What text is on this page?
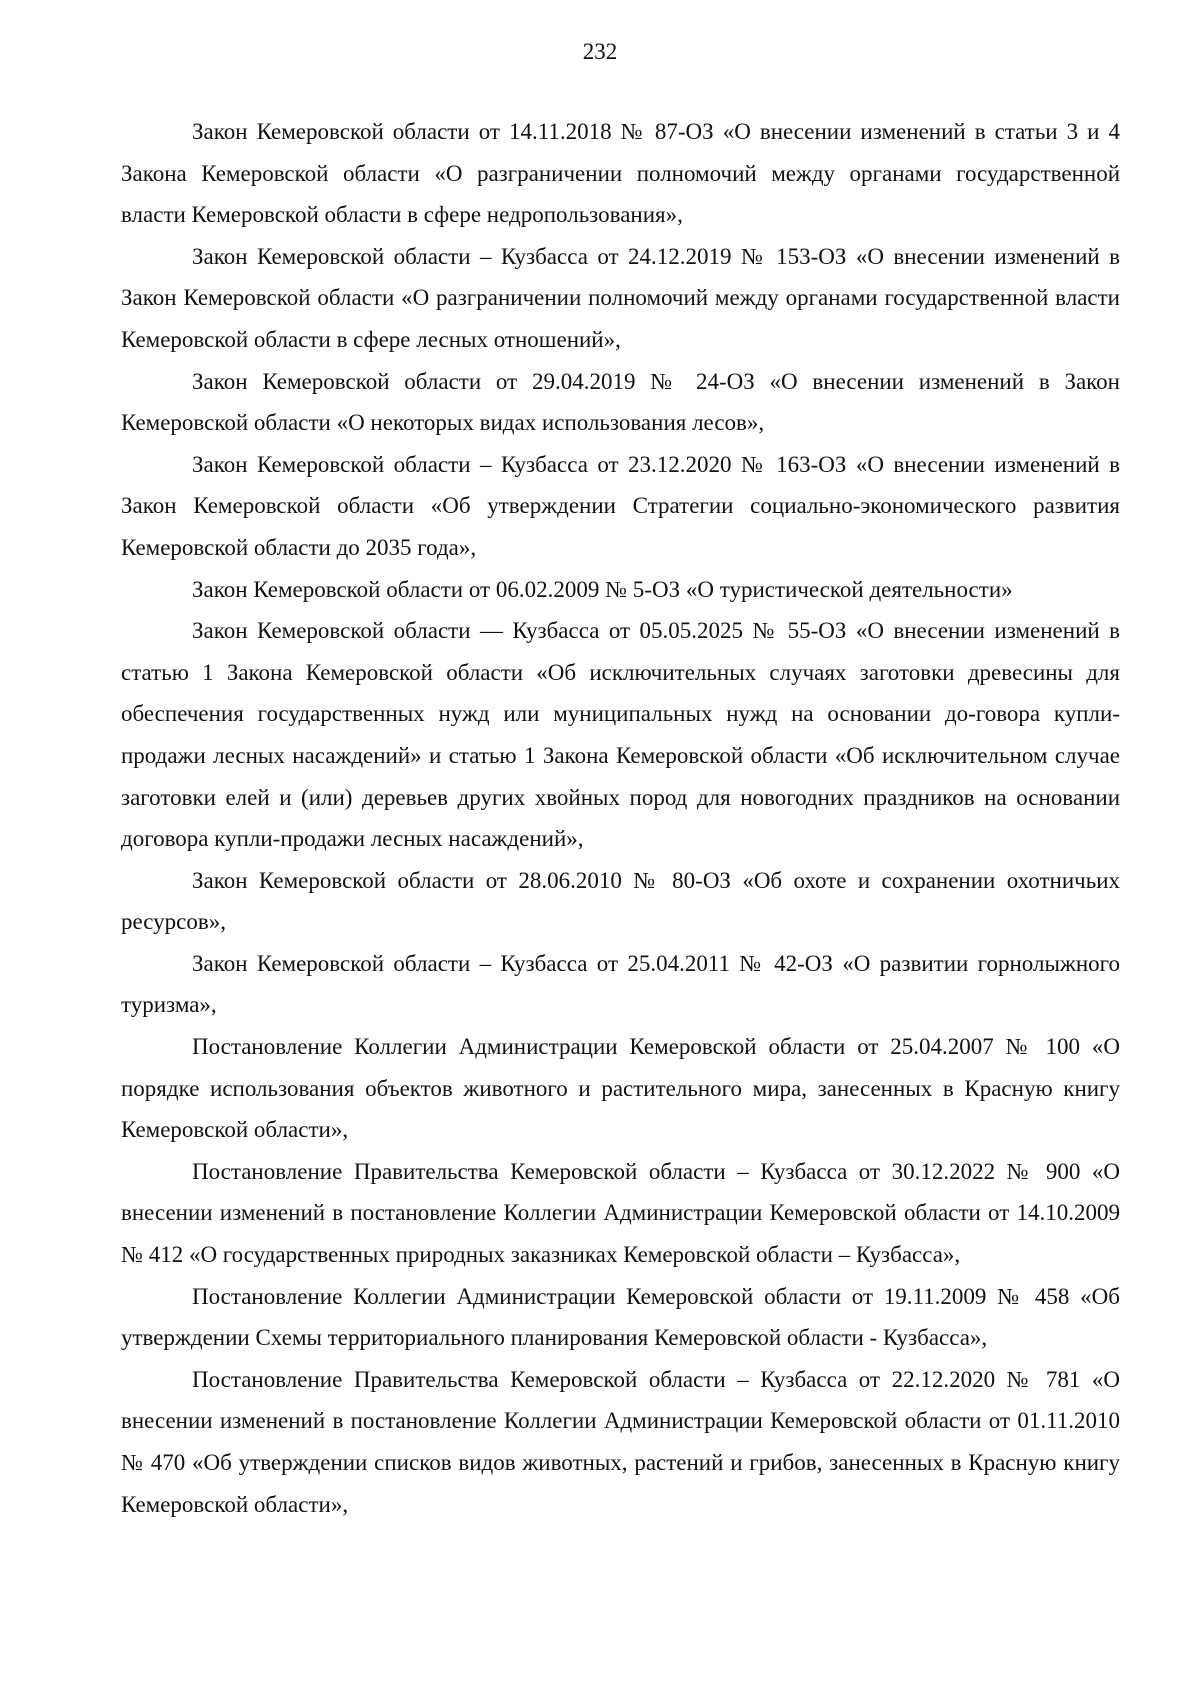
232

Закон Кемеровской области от 14.11.2018 № 87-ОЗ «О внесении изменений в статьи 3 и 4 Закона Кемеровской области «О разграничении полномочий между органами государственной власти Кемеровской области в сфере недропользования»,

Закон Кемеровской области – Кузбасса от 24.12.2019 № 153-ОЗ «О внесении изменений в Закон Кемеровской области «О разграничении полномочий между органами государственной власти Кемеровской области в сфере лесных отношений»,

Закон Кемеровской области от 29.04.2019 № 24-ОЗ «О внесении изменений в Закон Кемеровской области «О некоторых видах использования лесов»,

Закон Кемеровской области – Кузбасса от 23.12.2020 № 163-ОЗ «О внесении изменений в Закон Кемеровской области «Об утверждении Стратегии социально-экономического развития Кемеровской области до 2035 года»,

Закон Кемеровской области от 06.02.2009 № 5-ОЗ «О туристической деятельности»

Закон Кемеровской области — Кузбасса от 05.05.2025 № 55-ОЗ «О внесении изменений в статью 1 Закона Кемеровской области «Об исключительных случаях заготовки древесины для обеспечения государственных нужд или муниципальных нужд на основании до-говора купли-продажи лесных насаждений» и статью 1 Закона Кемеровской области «Об исключительном случае заготовки елей и (или) деревьев других хвойных пород для новогодних праздников на основании договора купли-продажи лесных насаждений»,

Закон Кемеровской области от 28.06.2010 № 80-ОЗ «Об охоте и сохранении охотничьих ресурсов»,

Закон Кемеровской области – Кузбасса от 25.04.2011 № 42-ОЗ «О развитии горнолыжного туризма»,

Постановление Коллегии Администрации Кемеровской области от 25.04.2007 № 100 «О порядке использования объектов животного и растительного мира, занесенных в Красную книгу Кемеровской области»,

Постановление Правительства Кемеровской области – Кузбасса от 30.12.2022 № 900 «О внесении изменений в постановление Коллегии Администрации Кемеровской области от 14.10.2009 № 412 «О государственных природных заказниках Кемеровской области – Кузбасса»,

Постановление Коллегии Администрации Кемеровской области от 19.11.2009 № 458 «Об утверждении Схемы территориального планирования Кемеровской области - Кузбасса»,

Постановление Правительства Кемеровской области – Кузбасса от 22.12.2020 № 781 «О внесении изменений в постановление Коллегии Администрации Кемеровской области от 01.11.2010 № 470 «Об утверждении списков видов животных, растений и грибов, занесенных в Красную книгу Кемеровской области»,
